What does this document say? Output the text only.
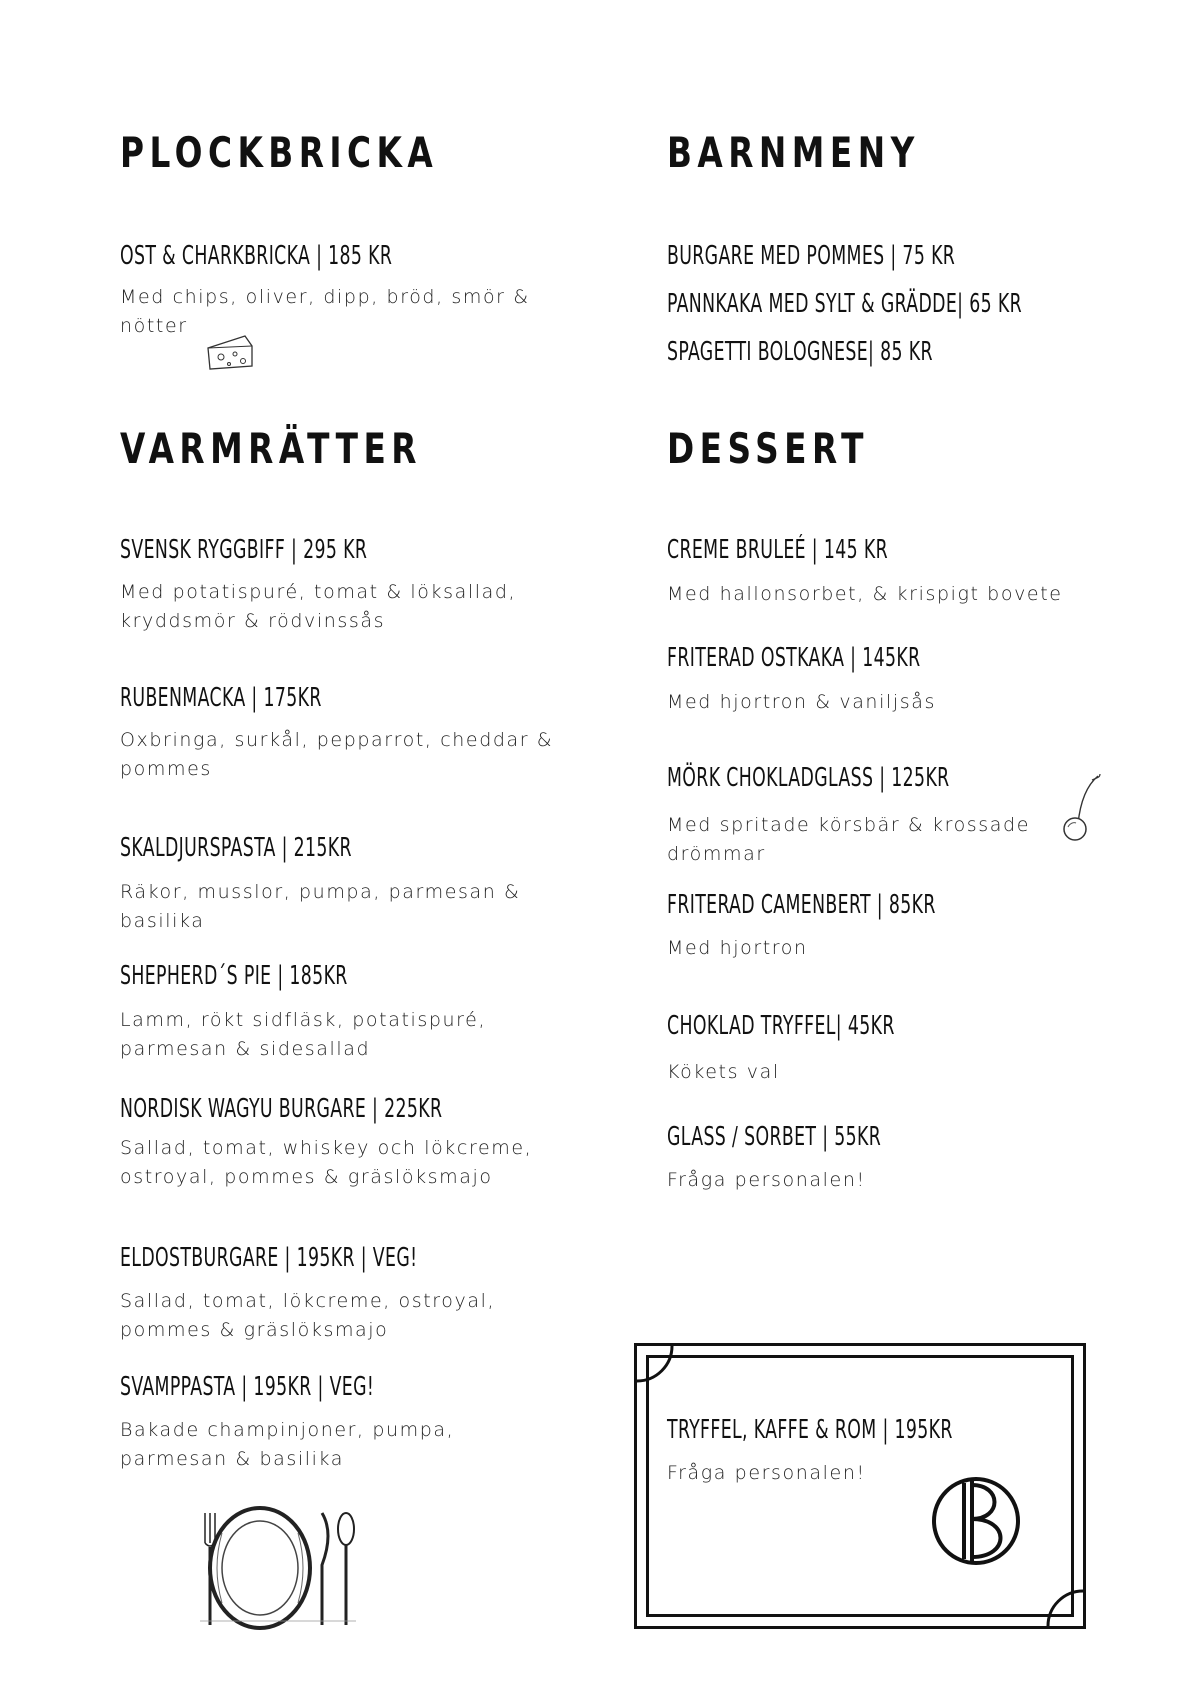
PLOCKBRICKA
OST & CHARKBRICKA | 185 KR
Med chips, oliver, dipp, bröd, smör & nötter
VARMRÄTTER
SVENSK RYGGBIFF | 295 KR
Med potatispuré, tomat & löksallad, kryddsmör & rödvinssås
RUBENMACKA | 175KR
Oxbringa, surkål, pepparrot, cheddar & pommes
SKALDJURSPASTA | 215KR
Räkor, musslor, pumpa, parmesan & basilika
SHEPHERD´S PIE | 185KR
Lamm, rökt sidfläsk, potatispuré, parmesan & sidesallad
NORDISK WAGYU BURGARE | 225KR
Sallad, tomat, whiskey och lökcreme, ostroyal, pommes & gräslöksmajo
ELDOSTBURGARE | 195KR | VEG!
Sallad, tomat, lökcreme, ostroyal, pommes & gräslöksmajo
SVAMPPASTA | 195KR | VEG!
Bakade champinjoner, pumpa, parmesan & basilika
BARNMENY
BURGARE MED POMMES | 75 KR
PANNKAKA MED SYLT & GRÄDDE| 65 KR
SPAGETTI BOLOGNESE| 85 KR
DESSERT
CREME BRULEÉ | 145 KR
Med hallonsorbet, & krispigt bovete
FRITERAD OSTKAKA | 145KR
Med hjortron & vaniljsås
MÖRK CHOKLADGLASS | 125KR
Med spritade körsbär & krossade drömmar
FRITERAD CAMENBERT | 85KR
Med hjortron
CHOKLAD TRYFFEL| 45KR
Kökets val
GLASS / SORBET | 55KR
Fråga personalen!
TRYFFEL, KAFFE & ROM | 195KR
Fråga personalen!
